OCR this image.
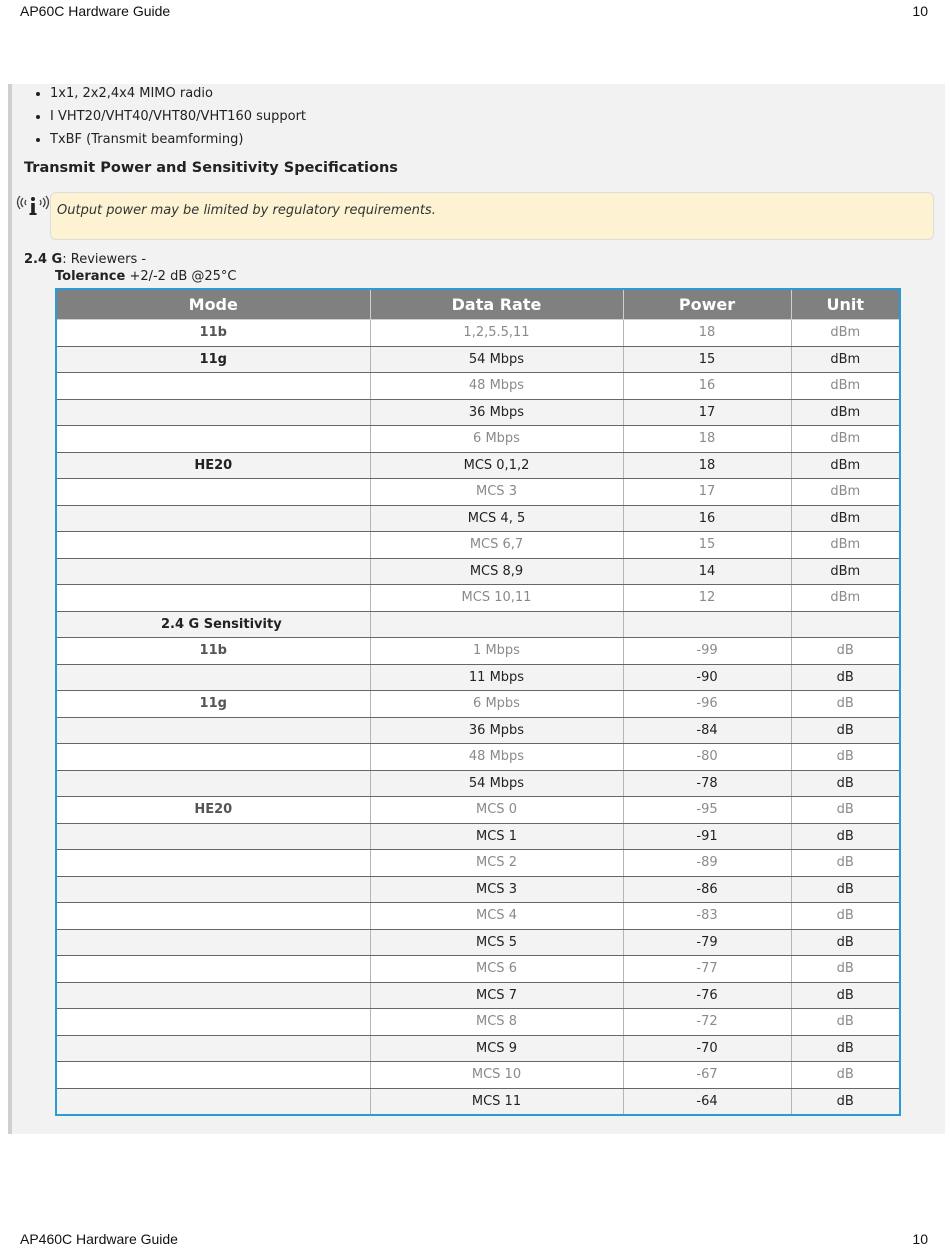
AP60C Hardware Guide	10
1x1, 2x2,4x4 MIMO radio
I VHT20/VHT40/VHT80/VHT160 support
TxBF (Transmit beamforming)
Transmit Power and Sensitivity Specifications
Output power may be limited by regulatory requirements.
2.4 G: Reviewers -
Tolerance +2/-2 dB @25°C
Mode	Data Rate	Power	Unit
11b	1,2,5.5,11	18	dBm
11g	54 Mbps	15	dBm
	48 Mbps	16	dBm
	36 Mbps	17	dBm
	6 Mbps	18	dBm
HE20	MCS 0,1,2	18	dBm
	MCS 3	17	dBm
	MCS 4, 5	16	dBm
	MCS 6,7	15	dBm
	MCS 8,9	14	dBm
	MCS 10,11	12	dBm
2.4 G Sensitivity			
11b	1 Mbps	-99	dB
	11 Mbps	-90	dB
11g	6 Mpbs	-96	dB
	36 Mpbs	-84	dB
	48 Mbps	-80	dB
	54 Mbps	-78	dB
HE20	MCS 0	-95	dB
	MCS 1	-91	dB
	MCS 2	-89	dB
	MCS 3	-86	dB
	MCS 4	-83	dB
	MCS 5	-79	dB
	MCS 6	-77	dB
	MCS 7	-76	dB
	MCS 8	-72	dB
	MCS 9	-70	dB
	MCS 10	-67	dB
	MCS 11	-64	dB
AP460C Hardware Guide	10
